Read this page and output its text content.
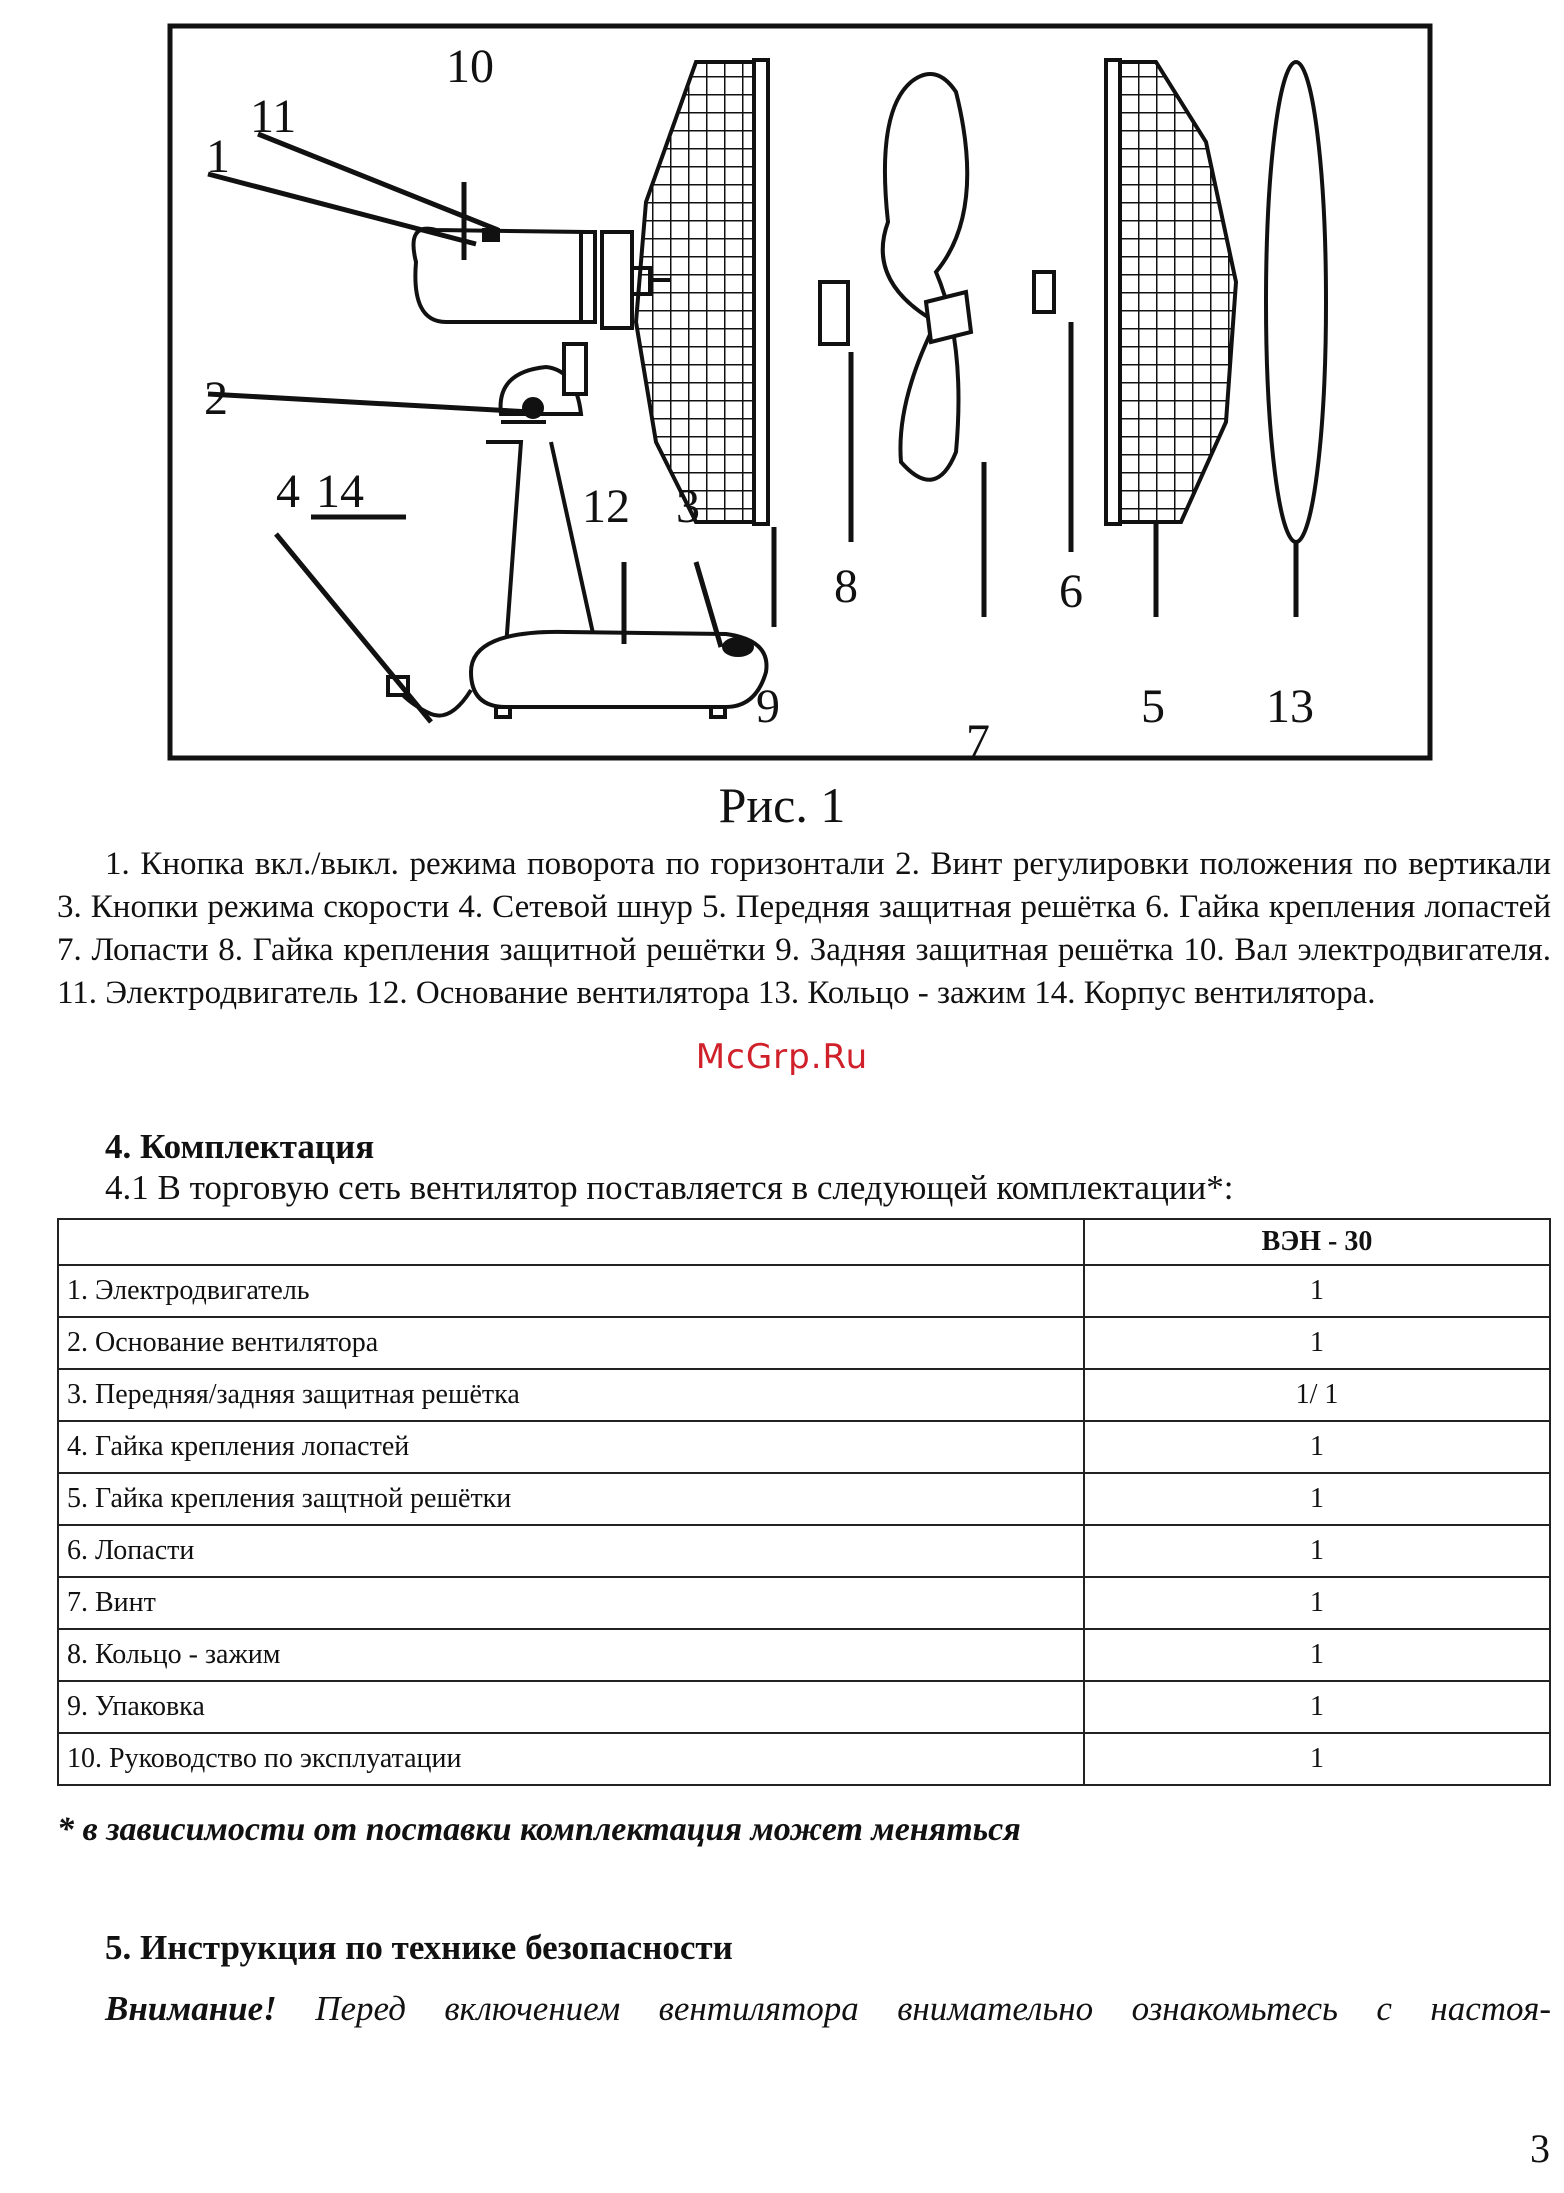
1
11
10
2
4 14	12 3
9
8
7
6
5 13
Рис. 1

1. Кнопка вкл./выкл. режима поворота по горизонтали 2. Винт регулировки положения по вертикали 3. Кнопки режима скорости 4. Сетевой шнур 5. Передняя защитная решётка 6. Гайка крепления лопастей 7. Лопасти 8. Гайка крепления защитной решётки 9. Задняя защитная решётка 10. Вал электродвигателя. 11. Электродвигатель 12. Основание вентилятора 13. Кольцо - зажим 14. Корпус вентилятора.

McGrp.Ru
4. Комплектация

4.1 В торговую сеть вентилятор поставляется в следующей комплектации*:

	ВЭН - 30
1. Электродвигатель	1
2. Основание вентилятора	1
3. Передняя/задняя защитная решётка	1/ 1
4. Гайка крепления лопастей	1
5. Гайка крепления защтной решётки	1
6. Лопасти	1
7. Винт	1
8. Кольцо - зажим	1
9. Упаковка	1
10. Руководство по эксплуатации	1

* в зависимости от поставки комплектация может меняться

5. Инструкция по технике безопасности

Внимание! Перед включением вентилятора внимательно ознакомьтесь с настоя-

3
